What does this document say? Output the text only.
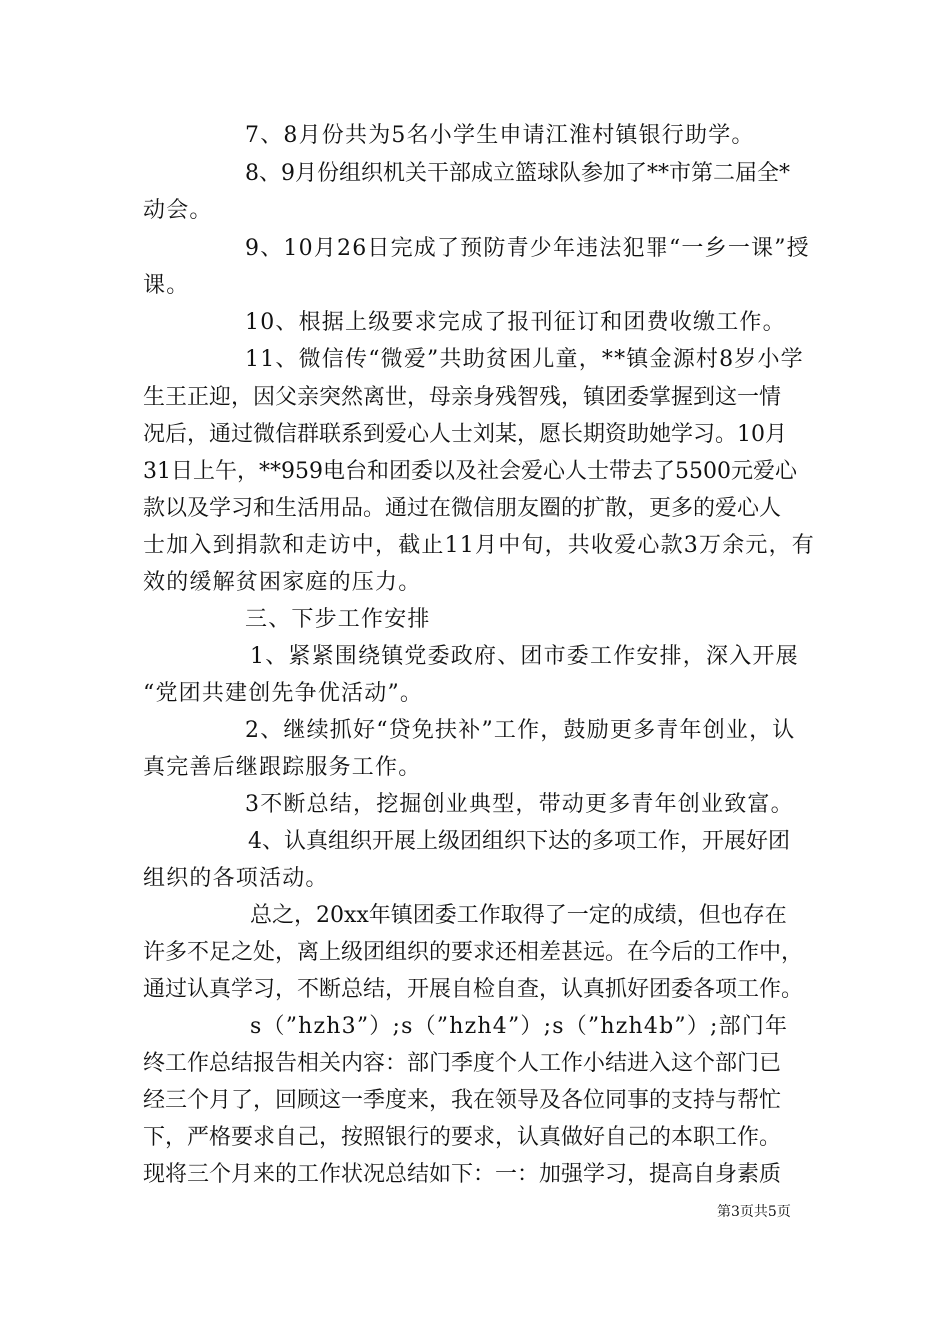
7、8月份共为5名小学生申请江淮村镇银行助学。
8、9月份组织机关干部成立篮球队参加了**市第二届全*
动会。
9、10月26日完成了预防青少年违法犯罪“一乡一课”授
课。
10、根据上级要求完成了报刊征订和团费收缴工作。
11、微信传“微爱”共助贫困儿童，**镇金源村8岁小学
生王正迎，因父亲突然离世，母亲身残智残，镇团委掌握到这一情
况后，通过微信群联系到爱心人士刘某，愿长期资助她学习。10月
31日上午，**959电台和团委以及社会爱心人士带去了5500元爱心
款以及学习和生活用品。通过在微信朋友圈的扩散，更多的爱心人
士加入到捐款和走访中，截止11月中旬，共收爱心款3万余元，有
效的缓解贫困家庭的压力。
三、下步工作安排
1、紧紧围绕镇党委政府、团市委工作安排，深入开展
“党团共建创先争优活动”。
2、继续抓好“贷免扶补”工作，鼓励更多青年创业，认
真完善后继跟踪服务工作。
3不断总结，挖掘创业典型，带动更多青年创业致富。
4、认真组织开展上级团组织下达的多项工作，开展好团
组织的各项活动。
总之，20xx年镇团委工作取得了一定的成绩，但也存在
许多不足之处，离上级团组织的要求还相差甚远。在今后的工作中，
通过认真学习，不断总结，开展自检自查，认真抓好团委各项工作。
s（”hzh3”）;s（”hzh4”）;s（”hzh4b”）;部门年
终工作总结报告相关内容：部门季度个人工作小结进入这个部门已
经三个月了，回顾这一季度来，我在领导及各位同事的支持与帮忙
下，严格要求自己，按照银行的要求，认真做好自己的本职工作。
现将三个月来的工作状况总结如下：一：加强学习，提高自身素质
第3页共5页
